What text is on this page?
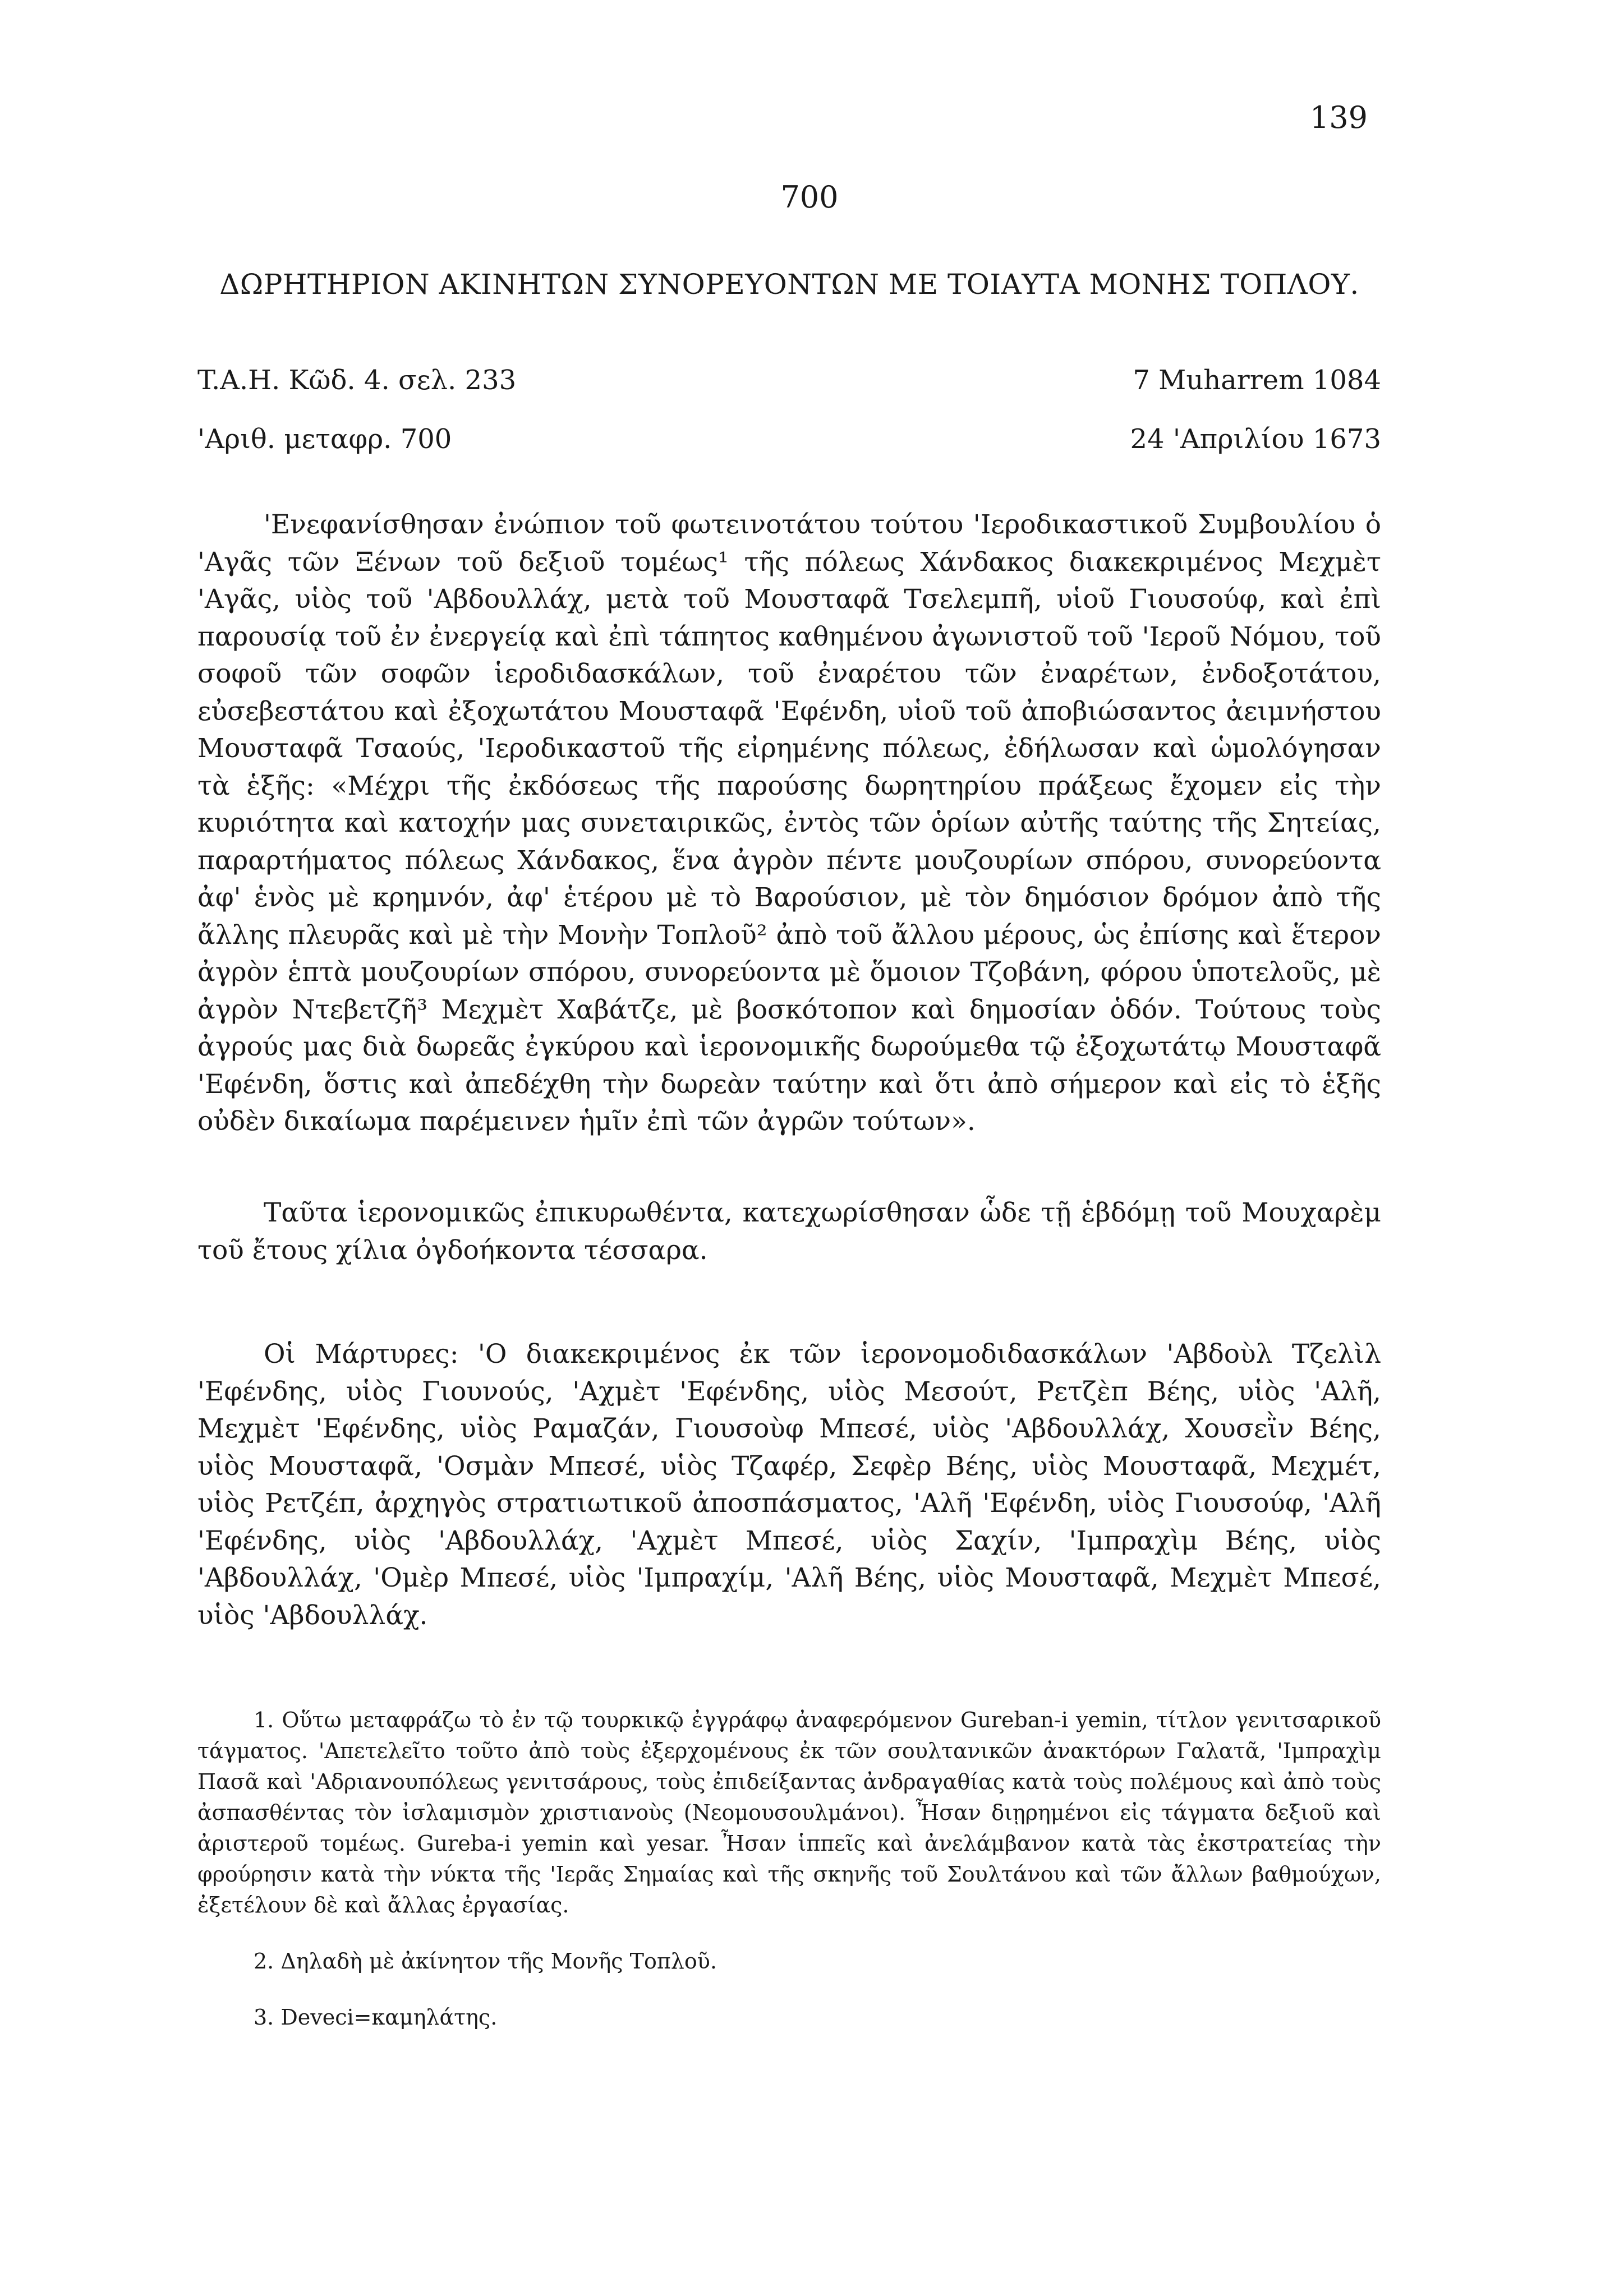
139
700
ΔΩΡΗΤΗΡΙΟΝ ΑΚΙΝΗΤΩΝ ΣΥΝΟΡΕΥΟΝΤΩΝ ΜΕ ΤΟΙΑΥΤΑ ΜΟΝΗΣ ΤΟΠΛΟΥ.
T.A.H. Κῶδ. 4. σελ. 233	7 Muharrem 1084
'Αριθ. μεταφρ. 700	24 'Απριλίου 1673
'Ενεφανίσθησαν ἐνώπιον τοῦ φωτεινοτάτου τούτου 'Ιεροδικαστικοῦ Συμβουλίου ὁ 'Αγᾶς τῶν Ξένων τοῦ δεξιοῦ τομέως¹ τῆς πόλεως Χάνδακος διακεκριμένος Μεχμὲτ 'Αγᾶς, υἱὸς τοῦ 'Αβδουλλάχ, μετὰ τοῦ Μουσταφᾶ Τσελεμπῆ, υἱοῦ Γιουσούφ, καὶ ἐπὶ παρουσίᾳ τοῦ ἐν ἐνεργείᾳ καὶ ἐπὶ τάπητος καθημένου ἀγωνιστοῦ τοῦ 'Ιεροῦ Νόμου, τοῦ σοφοῦ τῶν σοφῶν ἱεροδιδασκάλων, τοῦ ἐναρέτου τῶν ἐναρέτων, ἐνδοξοτάτου, εὐσεβεστάτου καὶ ἐξοχωτάτου Μουσταφᾶ 'Εφένδη, υἱοῦ τοῦ ἀποβιώσαντος ἀειμνήστου Μουσταφᾶ Τσαούς, 'Ιεροδικαστοῦ τῆς εἰρημένης πόλεως, ἐδήλωσαν καὶ ὡμολόγησαν τὰ ἑξῆς: «Μέχρι τῆς ἐκδόσεως τῆς παρούσης δωρητηρίου πράξεως ἔχομεν εἰς τὴν κυριότητα καὶ κατοχήν μας συνεταιρικῶς, ἐντὸς τῶν ὁρίων αὐτῆς ταύτης τῆς Σητείας, παραρτήματος πόλεως Χάνδακος, ἕνα ἀγρὸν πέντε μουζουρίων σπόρου, συνορεύοντα ἀφ' ἑνὸς μὲ κρημνόν, ἀφ' ἑτέρου μὲ τὸ Βαρούσιον, μὲ τὸν δημόσιον δρόμον ἀπὸ τῆς ἄλλης πλευρᾶς καὶ μὲ τὴν Μονὴν Τοπλοῦ² ἀπὸ τοῦ ἄλλου μέρους, ὡς ἐπίσης καὶ ἕτερον ἀγρὸν ἑπτὰ μουζουρίων σπόρου, συνορεύοντα μὲ ὅμοιον Τζοβάνη, φόρου ὑποτελοῦς, μὲ ἀγρὸν Ντεβετζῆ³ Μεχμὲτ Χαβάτζε, μὲ βοσκότοπον καὶ δημοσίαν ὁδόν. Τούτους τοὺς ἀγρούς μας διὰ δωρεᾶς ἐγκύρου καὶ ἱερονομικῆς δωρούμεθα τῷ ἐξοχωτάτῳ Μουσταφᾶ 'Εφένδη, ὅστις καὶ ἀπεδέχθη τὴν δωρεὰν ταύτην καὶ ὅτι ἀπὸ σήμερον καὶ εἰς τὸ ἑξῆς οὐδὲν δικαίωμα παρέμεινεν ἡμῖν ἐπὶ τῶν ἀγρῶν τούτων».
Ταῦτα ἱερονομικῶς ἐπικυρωθέντα, κατεχωρίσθησαν ὧδε τῇ ἑβδόμῃ τοῦ Μουχαρὲμ τοῦ ἔτους χίλια ὀγδοήκοντα τέσσαρα.
Οἱ Μάρτυρες: 'Ο διακεκριμένος ἐκ τῶν ἱερονομοδιδασκάλων 'Αβδοὺλ Τζελὶλ 'Εφένδης, υἱὸς Γιουνούς, 'Αχμὲτ 'Εφένδης, υἱὸς Μεσούτ, Ρετζὲπ Βέης, υἱὸς 'Αλῆ, Μεχμὲτ 'Εφένδης, υἱὸς Ραμαζάν, Γιουσοὺφ Μπεσέ, υἱὸς 'Αβδουλλάχ, Χουσεῒν Βέης, υἱὸς Μουσταφᾶ, 'Οσμὰν Μπεσέ, υἱὸς Τζαφέρ, Σεφὲρ Βέης, υἱὸς Μουσταφᾶ, Μεχμέτ, υἱὸς Ρετζέπ, ἀρχηγὸς στρατιωτικοῦ ἀποσπάσματος, 'Αλῆ 'Εφένδη, υἱὸς Γιουσούφ, 'Αλῆ 'Εφένδης, υἱὸς 'Αβδουλλάχ, 'Αχμὲτ Μπεσέ, υἱὸς Σαχίν, 'Ιμπραχὶμ Βέης, υἱὸς 'Αβδουλλάχ, 'Ομὲρ Μπεσέ, υἱὸς 'Ιμπραχίμ, 'Αλῆ Βέης, υἱὸς Μουσταφᾶ, Μεχμὲτ Μπεσέ, υἱὸς 'Αβδουλλάχ.
1. Οὕτω μεταφράζω τὸ ἐν τῷ τουρκικῷ ἐγγράφῳ ἀναφερόμενον Gureban-i yemin, τίτλον γενιτσαρικοῦ τάγματος. 'Απετελεῖτο τοῦτο ἀπὸ τοὺς ἐξερχομένους ἐκ τῶν σουλτανικῶν ἀνακτόρων Γαλατᾶ, 'Ιμπραχὶμ Πασᾶ καὶ 'Αδριανουπόλεως γενιτσάρους, τοὺς ἐπιδείξαντας ἀνδραγαθίας κατὰ τοὺς πολέμους καὶ ἀπὸ τοὺς ἀσπασθέντας τὸν ἰσλαμισμὸν χριστιανοὺς (Νεομουσουλμάνοι). Ἦσαν διῃρημένοι εἰς τάγματα δεξιοῦ καὶ ἀριστεροῦ τομέως. Gureba-i yemin καὶ yesar. Ἦσαν ἱππεῖς καὶ ἀνελάμβανον κατὰ τὰς ἐκστρατείας τὴν φρούρησιν κατὰ τὴν νύκτα τῆς 'Ιερᾶς Σημαίας καὶ τῆς σκηνῆς τοῦ Σουλτάνου καὶ τῶν ἄλλων βαθμούχων, ἐξετέλουν δὲ καὶ ἄλλας ἐργασίας.
2. Δηλαδὴ μὲ ἀκίνητον τῆς Μονῆς Τοπλοῦ.
3. Deveci=καμηλάτης.
